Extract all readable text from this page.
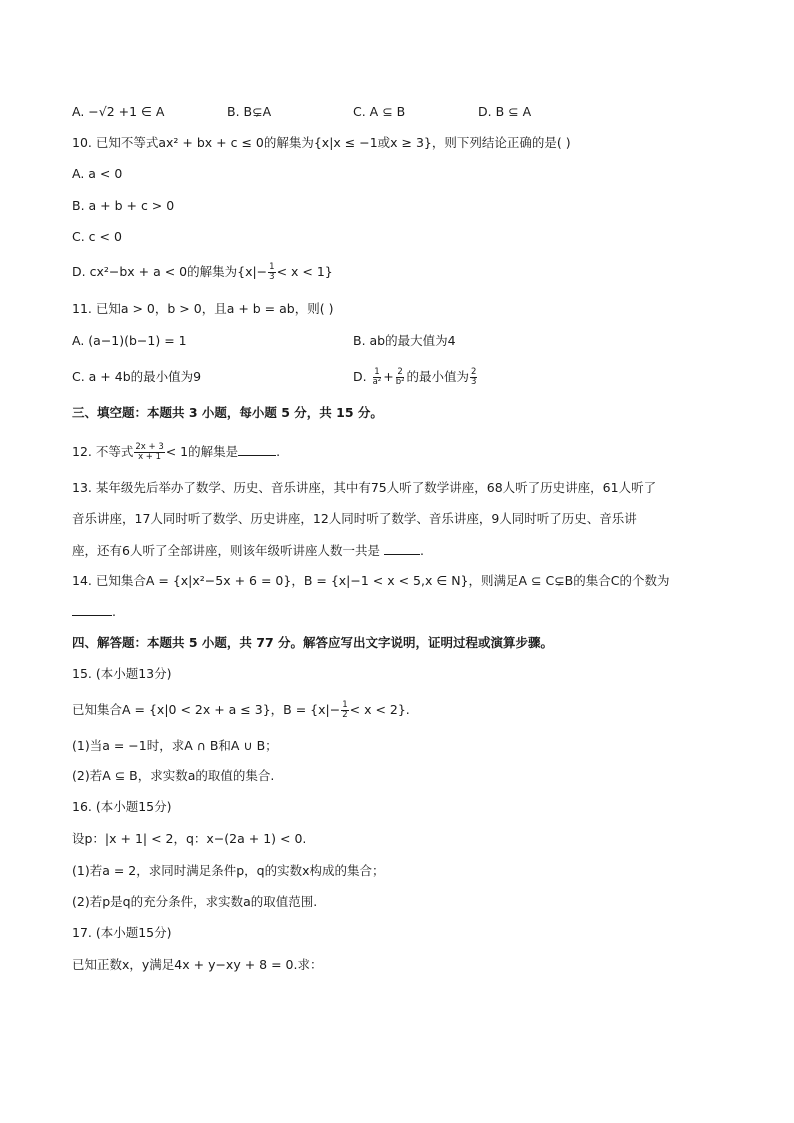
A. −√2 +1 ∈ A	B. B⊊A	C. A ⊆ B	D. B ⊆ A
10. 已知不等式ax² + bx + c ≤ 0的解集为{x|x ≤ −1或x ≥ 3}，则下列结论正确的是( )
A. a < 0
B. a + b + c > 0
C. c < 0
D. cx²−bx + a < 0的解集为$\{x|- \frac{1}{3} < x < 1\}$
11. 已知a > 0，b > 0，且a + b = ab，则( )
A. (a−1)(b−1) = 1	B. ab的最大值为4
C. a + 4b的最小值为9	D. $\frac{1}{\text{a²}} + \frac{2}{\text{b²}}$ 的最小值为 $\frac{2}{3}$
三、填空题：本题共 3 小题，每小题 5 分，共 15 分。
12. 不等式 $\frac{2x + 3}{x + 1} < 1$的解集是	.
13. 某年级先后举办了数学、历史、音乐讲座，其中有75人听了数学讲座，68人听了历史讲座，61人听了
音乐讲座，17人同时听了数学、历史讲座，12人同时听了数学、音乐讲座，9人同时听了历史、音乐讲
座，还有6人听了全部讲座，则该年级听讲座人数一共是	.
14. 已知集合A = {x|x²−5x + 6 = 0}，B = {x|−1 < x < 5,x ∈ N}，则满足A ⊆ C⊊B的集合C的个数为
.
四、解答题：本题共 5 小题，共 77 分。解答应写出文字说明，证明过程或演算步骤。
15. (本小题13分)
已知集合A = {x|0 < 2x + a ≤ 3}，$B = \{x|- \frac{1}{2} < x < 2\}$.
(1)当a = −1时，求A ∩ B和A ∪ B；
(2)若A ⊆ B，求实数a的取值的集合.
16. (本小题15分)
设p：|x + 1| < 2，q：x−(2a + 1) < 0.
(1)若a = 2，求同时满足条件p，q的实数x构成的集合；
(2)若p是q的充分条件，求实数a的取值范围.
17. (本小题15分)
已知正数x，y满足4x + y−xy + 8 = 0.求：
